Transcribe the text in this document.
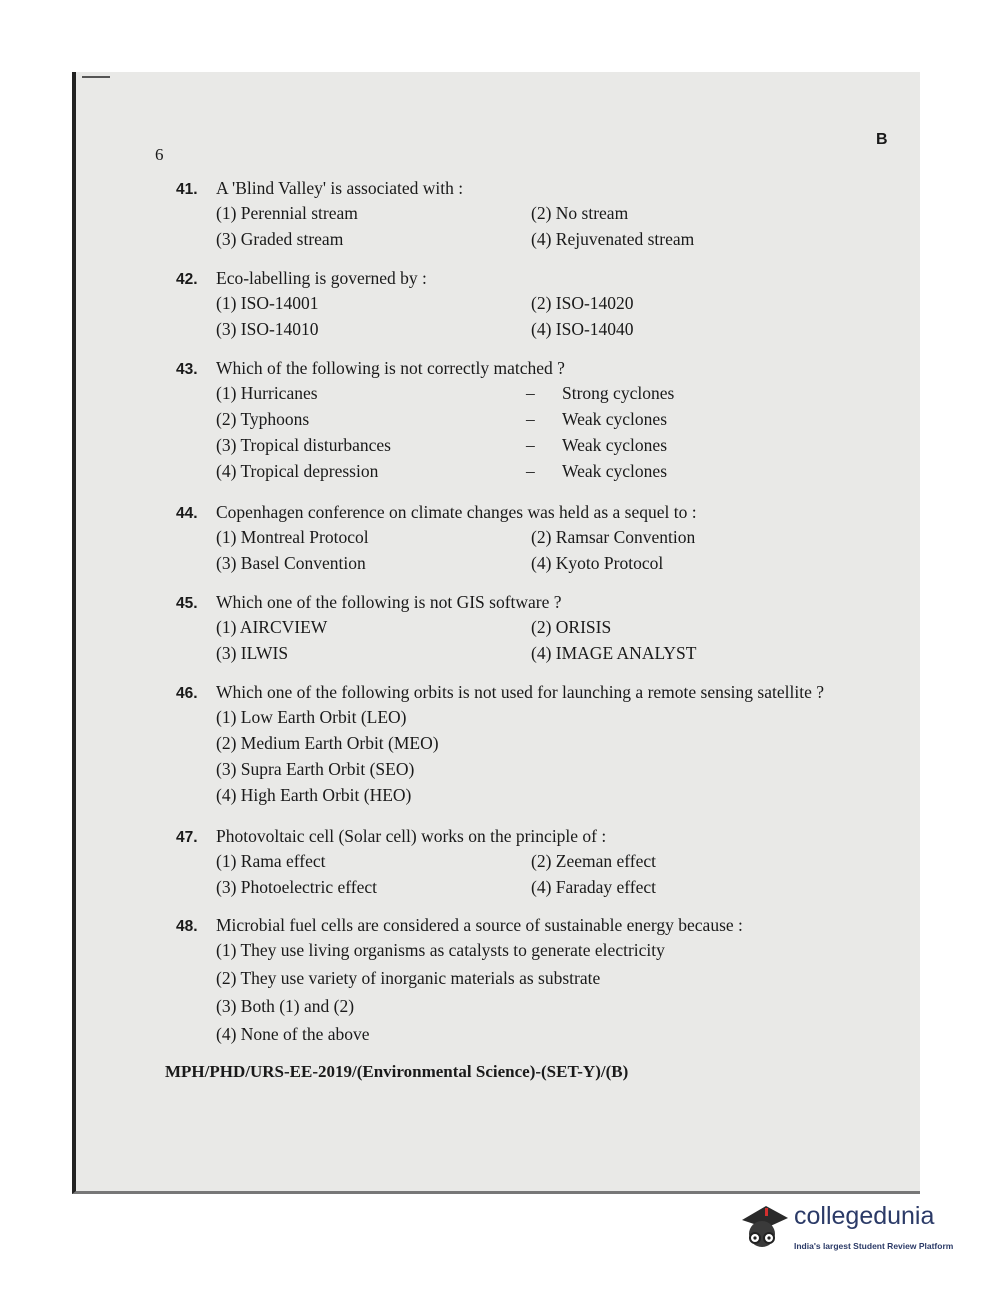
6
B
41.	A 'Blind Valley' is associated with :
(1) Perennial stream	(2) No stream
(3) Graded stream	(4) Rejuvenated stream
42.	Eco-labelling is governed by :
(1) ISO-14001	(2) ISO-14020
(3) ISO-14010	(4) ISO-14040
43.	Which of the following is not correctly matched ?
(1) Hurricanes	–	Strong cyclones
(2) Typhoons	–	Weak cyclones
(3) Tropical disturbances	–	Weak cyclones
(4) Tropical depression	–	Weak cyclones
44.	Copenhagen conference on climate changes was held as a sequel to :
(1) Montreal Protocol	(2) Ramsar Convention
(3) Basel Convention	(4) Kyoto Protocol
45.	Which one of the following is not GIS software ?
(1) AIRCVIEW	(2) ORISIS
(3) ILWIS	(4) IMAGE ANALYST
46.	Which one of the following orbits is not used for launching a remote sensing satellite ?
(1) Low Earth Orbit (LEO)
(2) Medium Earth Orbit (MEO)
(3) Supra Earth Orbit (SEO)
(4) High Earth Orbit (HEO)
47.	Photovoltaic cell (Solar cell) works on the principle of :
(1) Rama effect	(2) Zeeman effect
(3) Photoelectric effect	(4) Faraday effect
48.	Microbial fuel cells are considered a source of sustainable energy because :
(1) They use living organisms as catalysts to generate electricity
(2) They use variety of inorganic materials as substrate
(3) Both (1) and (2)
(4) None of the above
MPH/PHD/URS-EE-2019/(Environmental Science)-(SET-Y)/(B)
collegedunia
India's largest Student Review Platform
